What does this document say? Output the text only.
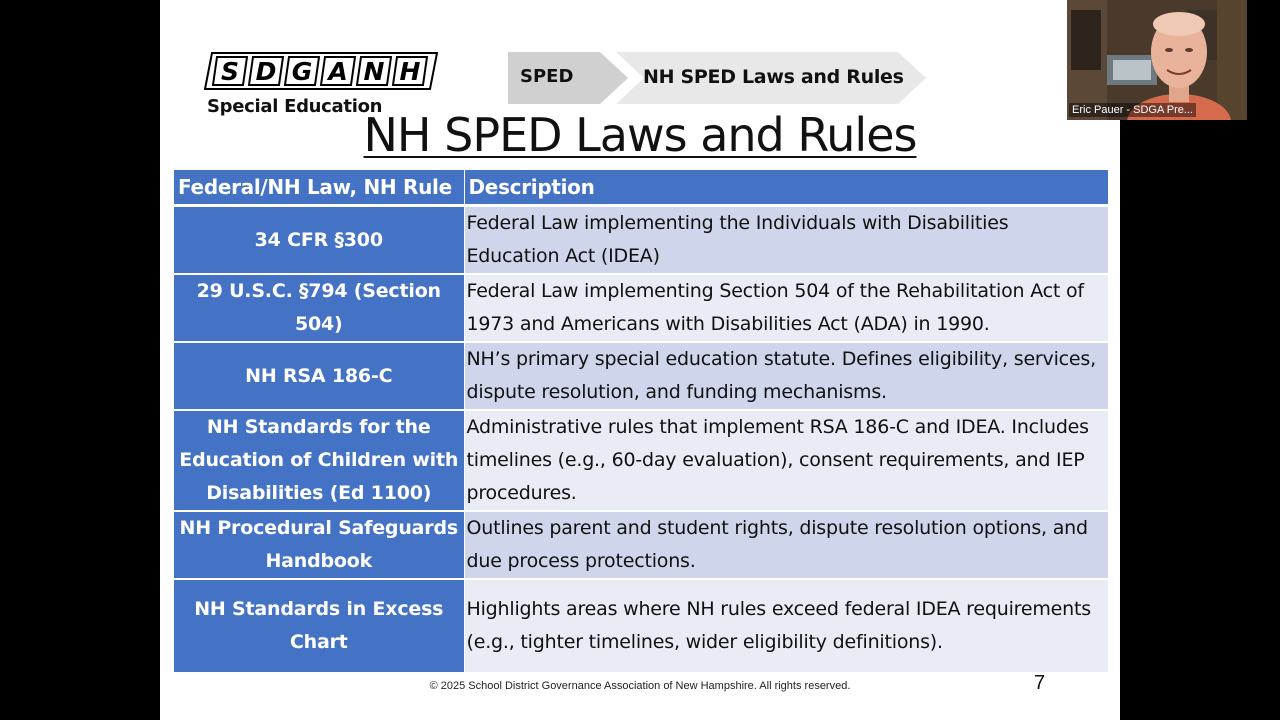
S D G A N H
Special Education
SPED	NH SPED Laws and Rules
NH SPED Laws and Rules
Federal/NH Law, NH Rule	Description
34 CFR §300	Federal Law implementing the Individuals with Disabilities Education Act (IDEA)
29 U.S.C. §794 (Section 504)	Federal Law implementing Section 504 of the Rehabilitation Act of 1973 and Americans with Disabilities Act (ADA) in 1990.
NH RSA 186-C	NH’s primary special education statute. Defines eligibility, services, dispute resolution, and funding mechanisms.
NH Standards for the Education of Children with Disabilities (Ed 1100)	Administrative rules that implement RSA 186-C and IDEA. Includes timelines (e.g., 60-day evaluation), consent requirements, and IEP procedures.
NH Procedural Safeguards Handbook	Outlines parent and student rights, dispute resolution options, and due process protections.
NH Standards in Excess Chart	Highlights areas where NH rules exceed federal IDEA requirements (e.g., tighter timelines, wider eligibility definitions).
© 2025 School District Governance Association of New Hampshire. All rights reserved.	7
Eric Pauer - SDGA Pre...
